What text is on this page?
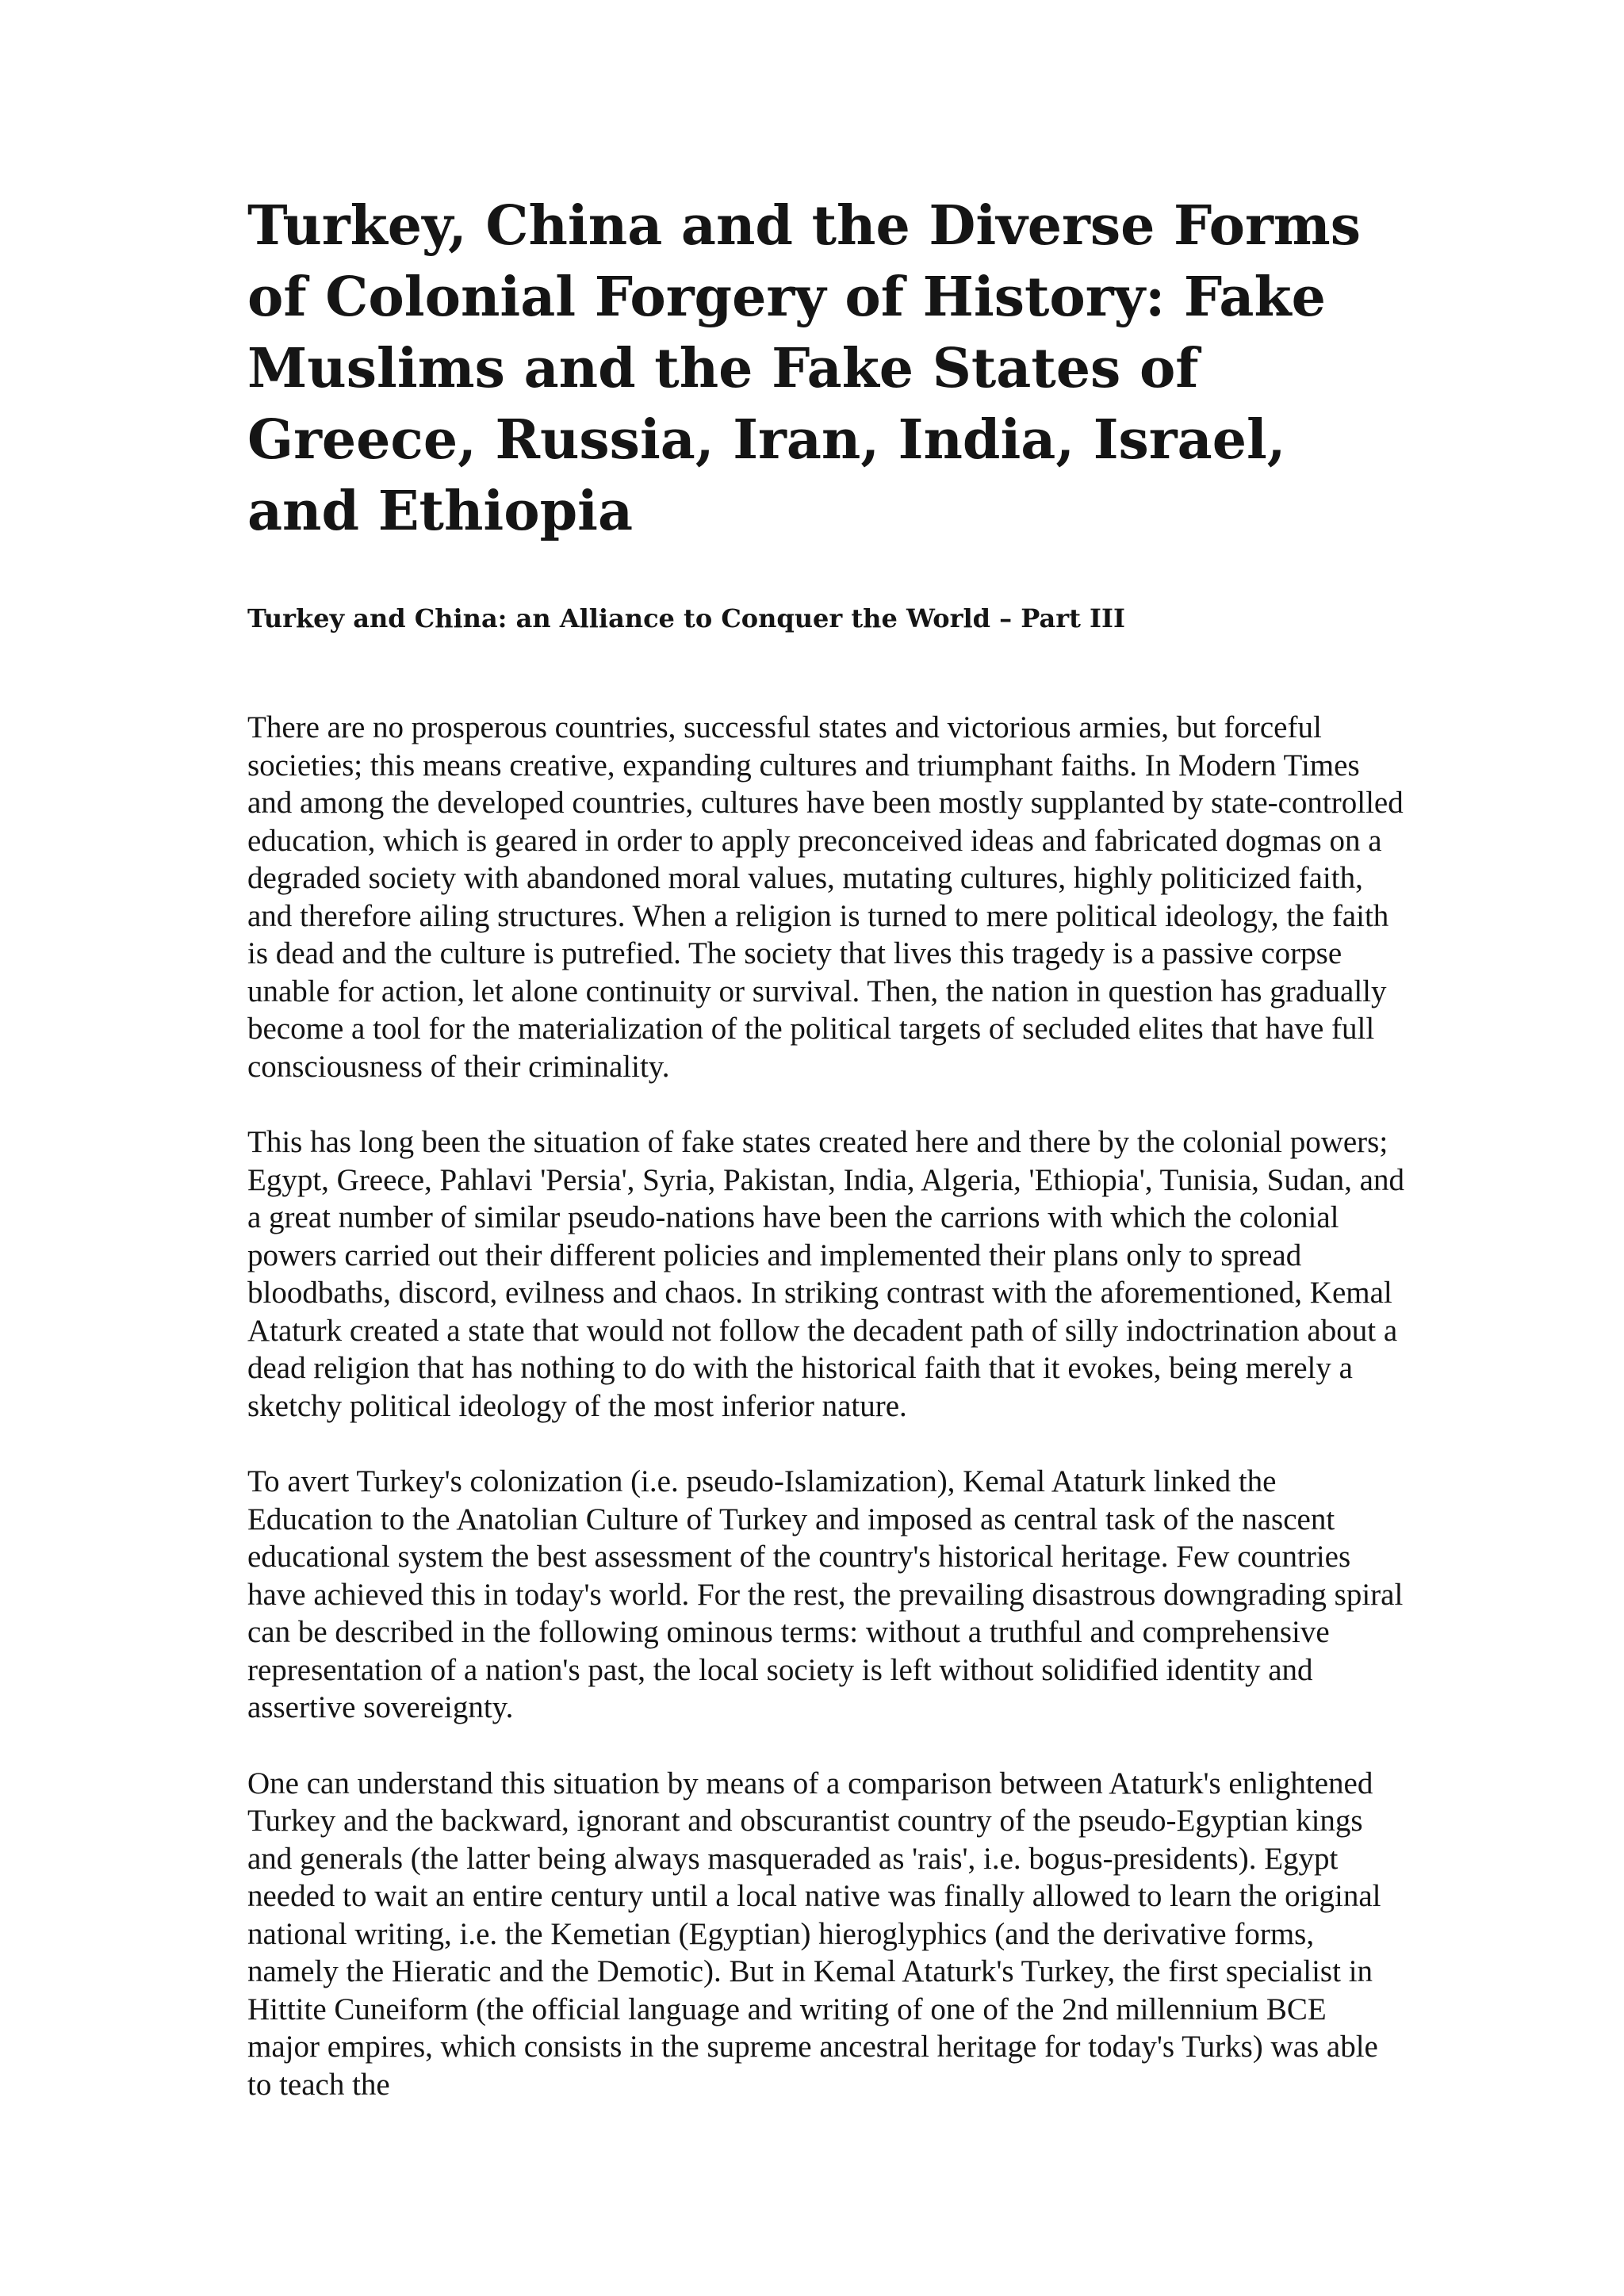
Turkey, China and the Diverse Forms of Colonial Forgery of History: Fake Muslims and the Fake States of Greece, Russia, Iran, India, Israel, and Ethiopia
Turkey and China: an Alliance to Conquer the World – Part III

There are no prosperous countries, successful states and victorious armies, but forceful societies; this means creative, expanding cultures and triumphant faiths. In Modern Times and among the developed countries, cultures have been mostly supplanted by state-controlled education, which is geared in order to apply preconceived ideas and fabricated dogmas on a degraded society with abandoned moral values, mutating cultures, highly politicized faith, and therefore ailing structures. When a religion is turned to mere political ideology, the faith is dead and the culture is putrefied. The society that lives this tragedy is a passive corpse unable for action, let alone continuity or survival. Then, the nation in question has gradually become a tool for the materialization of the political targets of secluded elites that have full consciousness of their criminality.

This has long been the situation of fake states created here and there by the colonial powers; Egypt, Greece, Pahlavi 'Persia', Syria, Pakistan, India, Algeria, 'Ethiopia', Tunisia, Sudan, and a great number of similar pseudo-nations have been the carrions with which the colonial powers carried out their different policies and implemented their plans only to spread bloodbaths, discord, evilness and chaos. In striking contrast with the aforementioned, Kemal Ataturk created a state that would not follow the decadent path of silly indoctrination about a dead religion that has nothing to do with the historical faith that it evokes, being merely a sketchy political ideology of the most inferior nature.

To avert Turkey's colonization (i.e. pseudo-Islamization), Kemal Ataturk linked the Education to the Anatolian Culture of Turkey and imposed as central task of the nascent educational system the best assessment of the country's historical heritage. Few countries have achieved this in today's world. For the rest, the prevailing disastrous downgrading spiral can be described in the following ominous terms: without a truthful and comprehensive representation of a nation's past, the local society is left without solidified identity and assertive sovereignty.

One can understand this situation by means of a comparison between Ataturk's enlightened Turkey and the backward, ignorant and obscurantist country of the pseudo-Egyptian kings and generals (the latter being always masqueraded as 'rais', i.e. bogus-presidents). Egypt needed to wait an entire century until a local native was finally allowed to learn the original national writing, i.e. the Kemetian (Egyptian) hieroglyphics (and the derivative forms, namely the Hieratic and the Demotic). But in Kemal Ataturk's Turkey, the first specialist in Hittite Cuneiform (the official language and writing of one of the 2nd millennium BCE major empires, which consists in the supreme ancestral heritage for today's Turks) was able to teach the
